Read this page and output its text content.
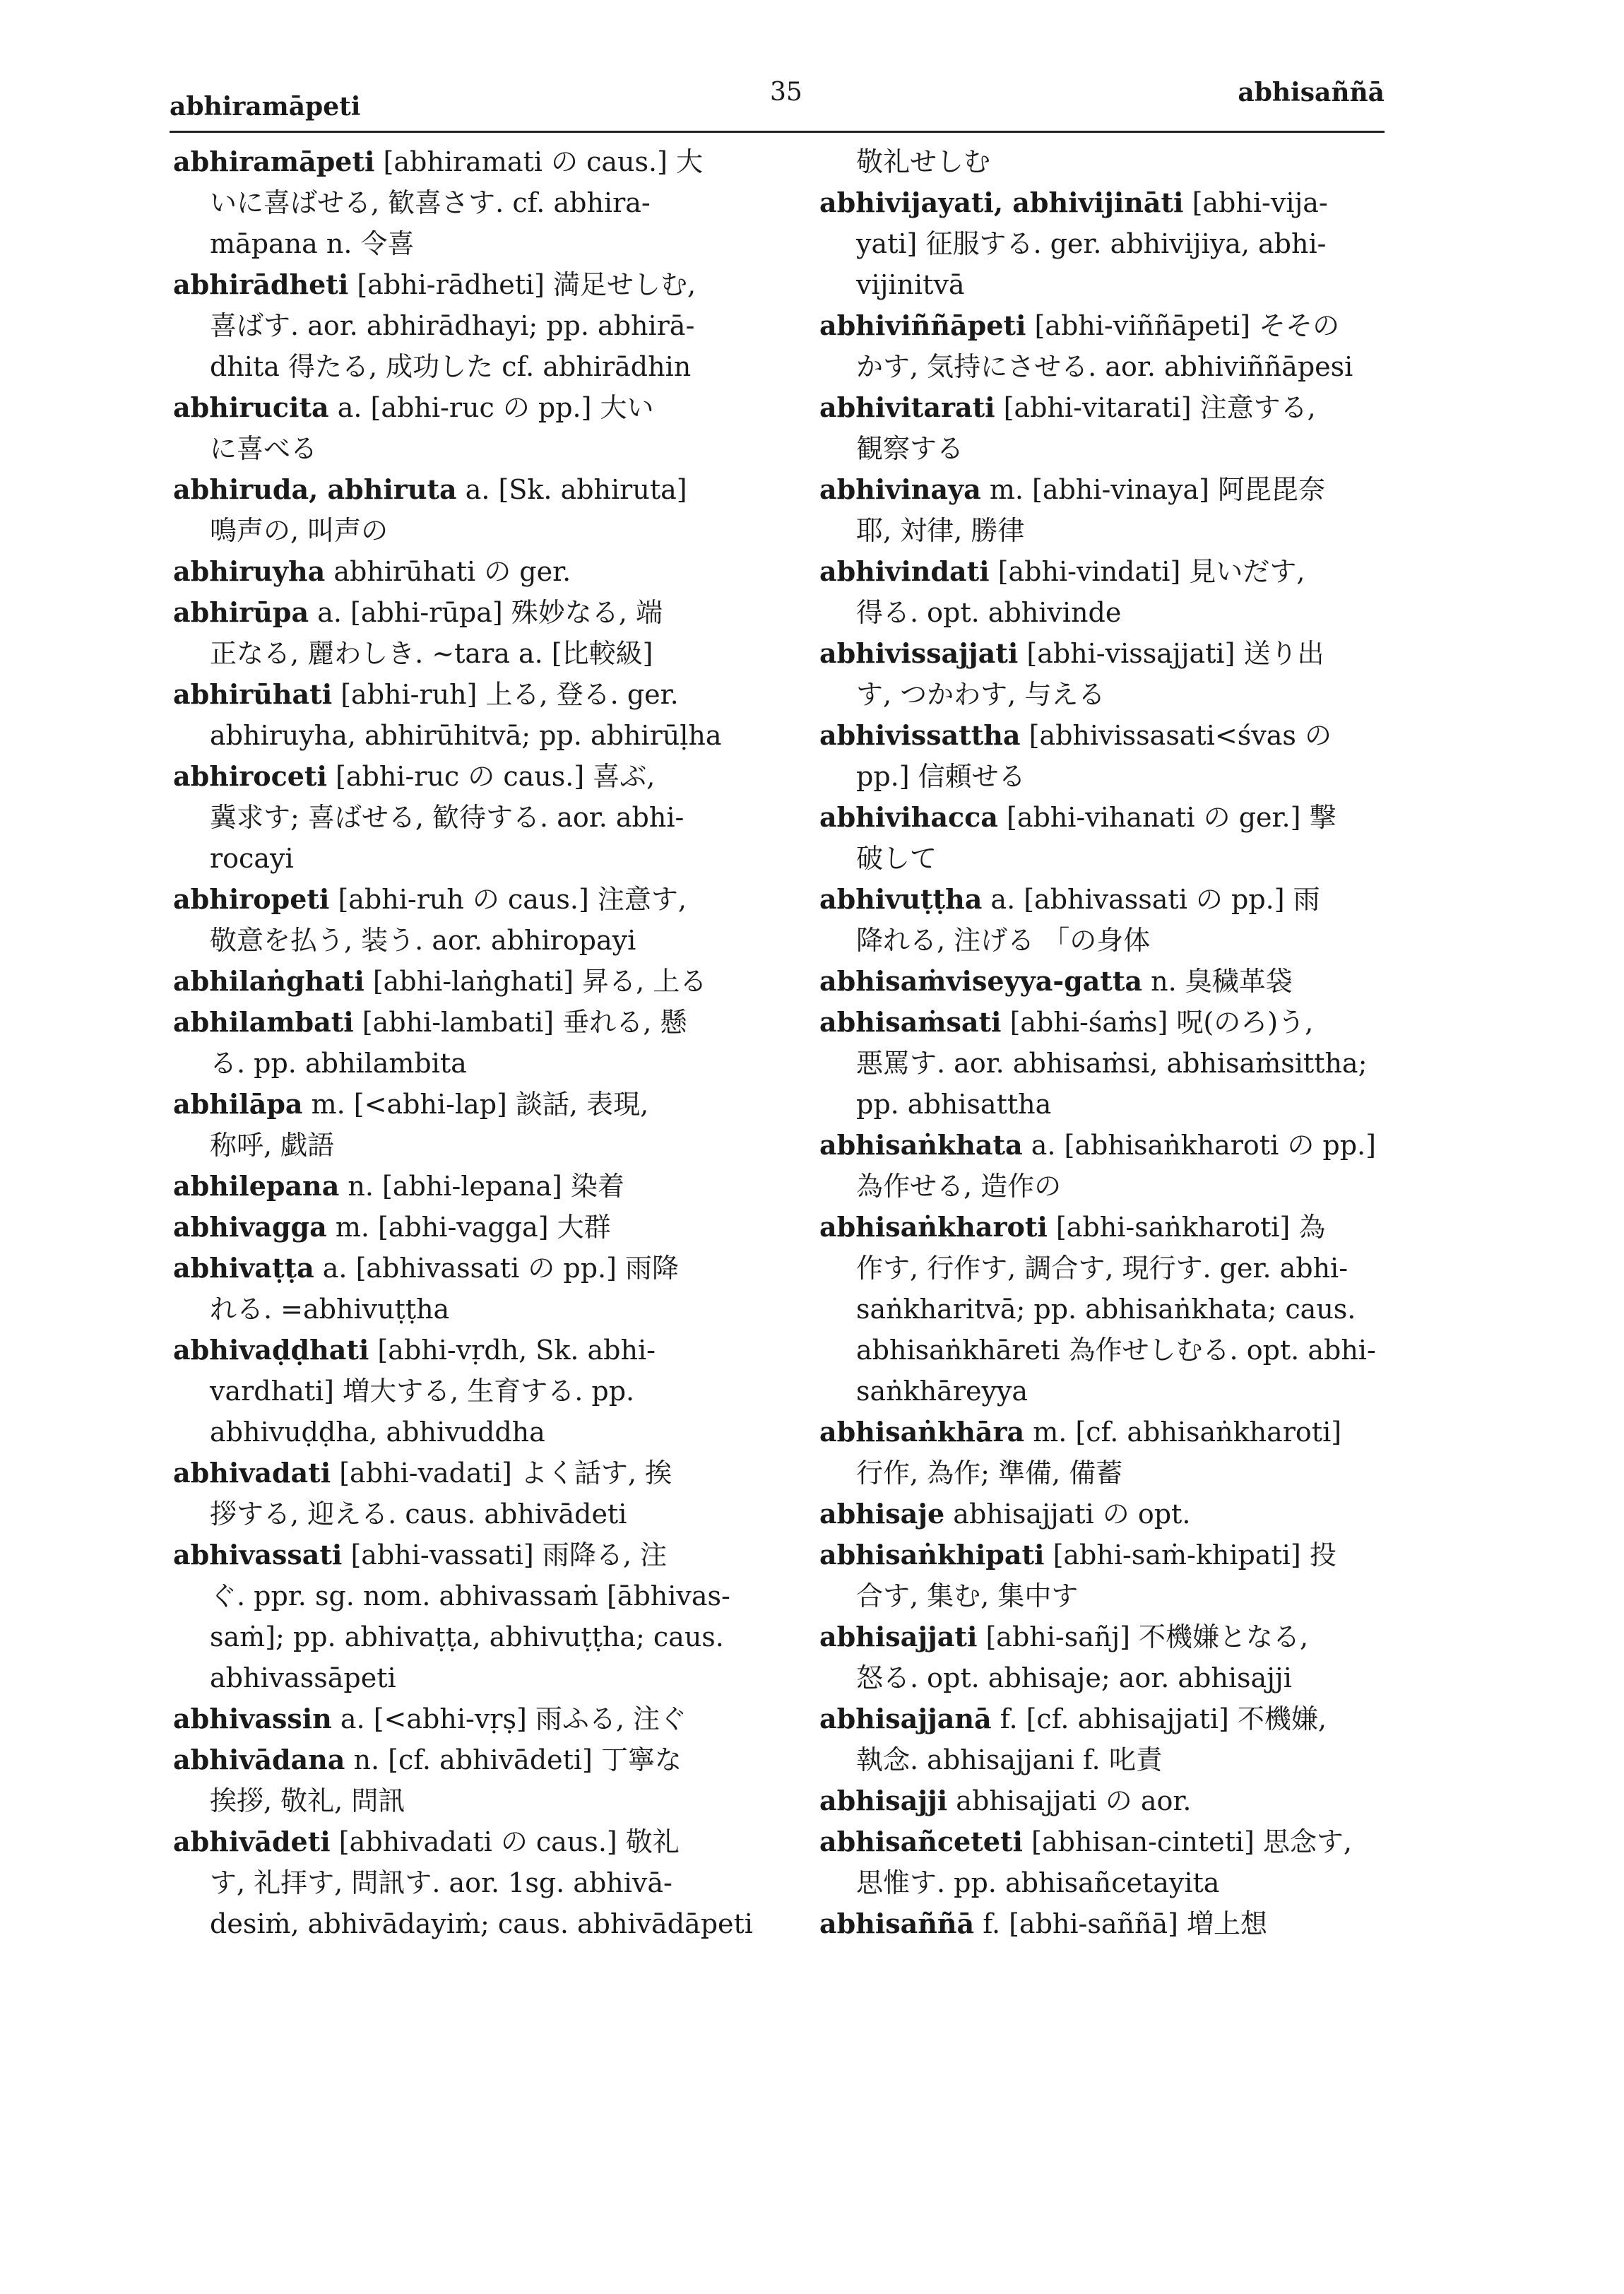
abhiramāpeti	35	abhisaññā
abhiramāpeti [abhiramati の caus.] 大
いに喜ばせる, 歓喜さす. cf. abhira-
māpana n. 令喜
abhirādheti [abhi-rādheti] 満足せしむ,
喜ばす. aor. abhirādhayi; pp. abhirā-
dhita 得たる, 成功した cf. abhirādhin
abhirucita a. [abhi-ruc の pp.] 大い
に喜べる
abhiruda, abhiruta a. [Sk. abhiruta]
鳴声の, 叫声の
abhiruyha abhirūhati の ger.
abhirūpa a. [abhi-rūpa] 殊妙なる, 端
正なる, 麗わしき. ~tara a. [比較級]
abhirūhati [abhi-ruh] 上る, 登る. ger.
abhiruyha, abhirūhitvā; pp. abhirūḷha
abhiroceti [abhi-ruc の caus.] 喜ぶ,
冀求す; 喜ばせる, 歓待する. aor. abhi-
rocayi
abhiropeti [abhi-ruh の caus.] 注意す,
敬意を払う, 装う. aor. abhiropayi
abhilaṅghati [abhi-laṅghati] 昇る, 上る
abhilambati [abhi-lambati] 垂れる, 懸
る. pp. abhilambita
abhilāpa m. [<abhi-lap] 談話, 表現,
称呼, 戯語
abhilepana n. [abhi-lepana] 染着
abhivagga m. [abhi-vagga] 大群
abhivaṭṭa a. [abhivassati の pp.] 雨降
れる. =abhivuṭṭha
abhivaḍḍhati [abhi-vṛdh, Sk. abhi-
vardhati] 増大する, 生育する. pp.
abhivuḍḍha, abhivuddha
abhivadati [abhi-vadati] よく話す, 挨
拶する, 迎える. caus. abhivādeti
abhivassati [abhi-vassati] 雨降る, 注
ぐ. ppr. sg. nom. abhivassaṁ [ābhivas-
saṁ]; pp. abhivaṭṭa, abhivuṭṭha; caus.
abhivassāpeti
abhivassin a. [<abhi-vṛṣ] 雨ふる, 注ぐ
abhivādana n. [cf. abhivādeti] 丁寧な
挨拶, 敬礼, 問訊
abhivādeti [abhivadati の caus.] 敬礼
す, 礼拝す, 問訊す. aor. 1sg. abhivā-
desiṁ, abhivādayiṁ; caus. abhivādāpeti
敬礼せしむ
abhivijayati, abhivijināti [abhi-vija-
yati] 征服する. ger. abhivijiya, abhi-
vijinitvā
abhiviññāpeti [abhi-viññāpeti] そその
かす, 気持にさせる. aor. abhiviññāpesi
abhivitarati [abhi-vitarati] 注意する,
観察する
abhivinaya m. [abhi-vinaya] 阿毘毘奈
耶, 対律, 勝律
abhivindati [abhi-vindati] 見いだす,
得る. opt. abhivinde
abhivissajjati [abhi-vissajjati] 送り出
す, つかわす, 与える
abhivissattha [abhivissasati<śvas の
pp.] 信頼せる
abhivihacca [abhi-vihanati の ger.] 撃
破して
abhivuṭṭha a. [abhivassati の pp.] 雨
降れる, 注げる 「の身体
abhisaṁviseyya-gatta n. 臭穢革袋
abhisaṁsati [abhi-śaṁs] 呪(のろ)う,
悪罵す. aor. abhisaṁsi, abhisaṁsittha;
pp. abhisattha
abhisaṅkhata a. [abhisaṅkharoti の pp.]
為作せる, 造作の
abhisaṅkharoti [abhi-saṅkharoti] 為
作す, 行作す, 調合す, 現行す. ger. abhi-
saṅkharitvā; pp. abhisaṅkhata; caus.
abhisaṅkhāreti 為作せしむる. opt. abhi-
saṅkhāreyya
abhisaṅkhāra m. [cf. abhisaṅkharoti]
行作, 為作; 準備, 備蓄
abhisaje abhisajjati の opt.
abhisaṅkhipati [abhi-saṁ-khipati] 投
合す, 集む, 集中す
abhisajjati [abhi-sañj] 不機嫌となる,
怒る. opt. abhisaje; aor. abhisajji
abhisajjanā f. [cf. abhisajjati] 不機嫌,
執念. abhisajjani f. 叱責
abhisajji abhisajjati の aor.
abhisañceteti [abhisan-cinteti] 思念す,
思惟す. pp. abhisañcetayita
abhisaññā f. [abhi-saññā] 増上想
